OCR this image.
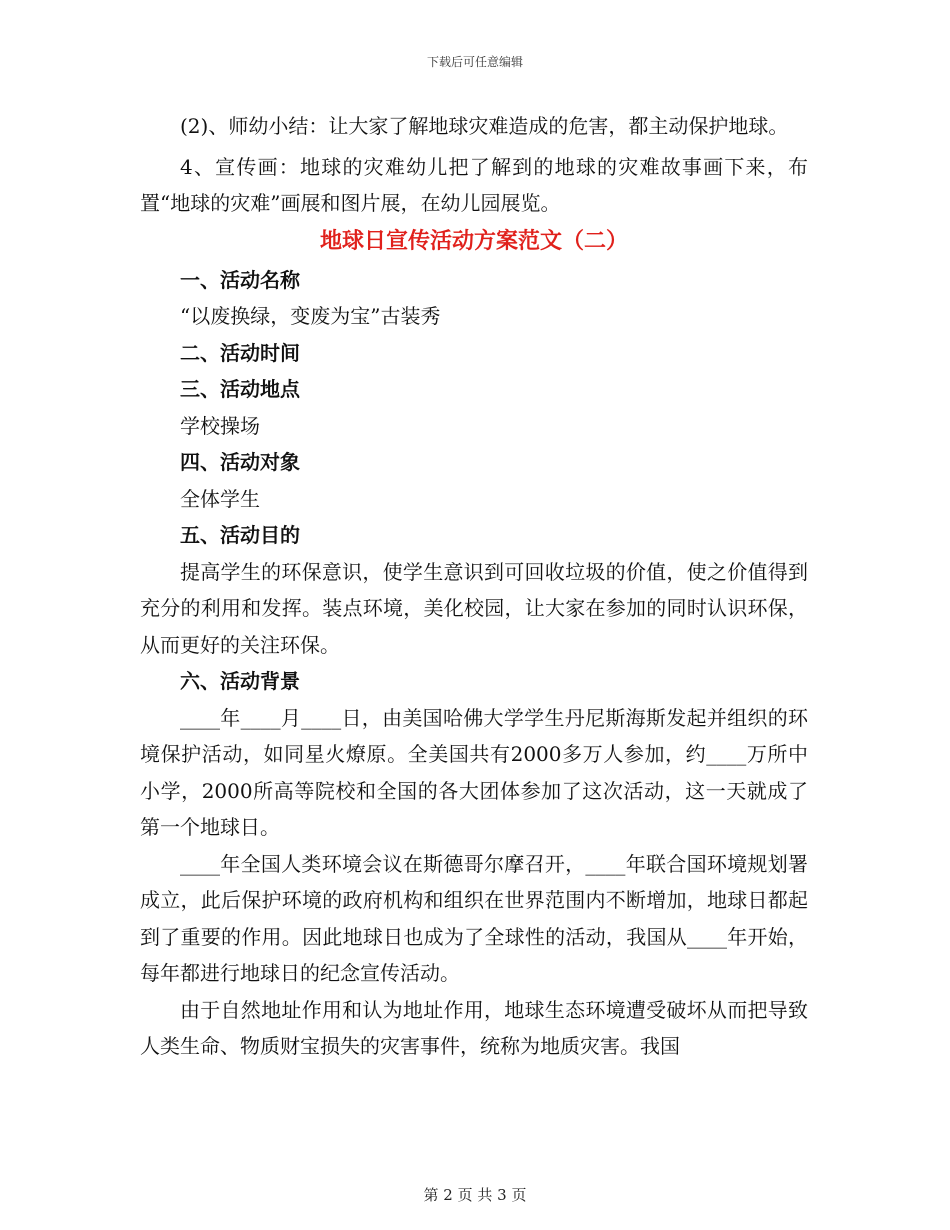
下载后可任意编辑

(2)、师幼小结：让大家了解地球灾难造成的危害，都主动保护地球。

4、宣传画：地球的灾难幼儿把了解到的地球的灾难故事画下来，布置“地球的灾难”画展和图片展，在幼儿园展览。

地球日宣传活动方案范文（二）

一、活动名称

“以废换绿，变废为宝”古装秀

二、活动时间

三、活动地点

学校操场

四、活动对象

全体学生

五、活动目的

提高学生的环保意识，使学生意识到可回收垃圾的价值，使之价值得到充分的利用和发挥。装点环境，美化校园，让大家在参加的同时认识环保，从而更好的关注环保。

六、活动背景

____年____月____日，由美国哈佛大学学生丹尼斯海斯发起并组织的环境保护活动，如同星火燎原。全美国共有2000多万人参加，约____万所中小学，2000所高等院校和全国的各大团体参加了这次活动，这一天就成了第一个地球日。

____年全国人类环境会议在斯德哥尔摩召开，____年联合国环境规划署成立，此后保护环境的政府机构和组织在世界范围内不断增加，地球日都起到了重要的作用。因此地球日也成为了全球性的活动，我国从____年开始，每年都进行地球日的纪念宣传活动。

由于自然地址作用和认为地址作用，地球生态环境遭受破坏从而把导致人类生命、物质财宝损失的灾害事件，统称为地质灾害。我国

第 2 页 共 3 页
